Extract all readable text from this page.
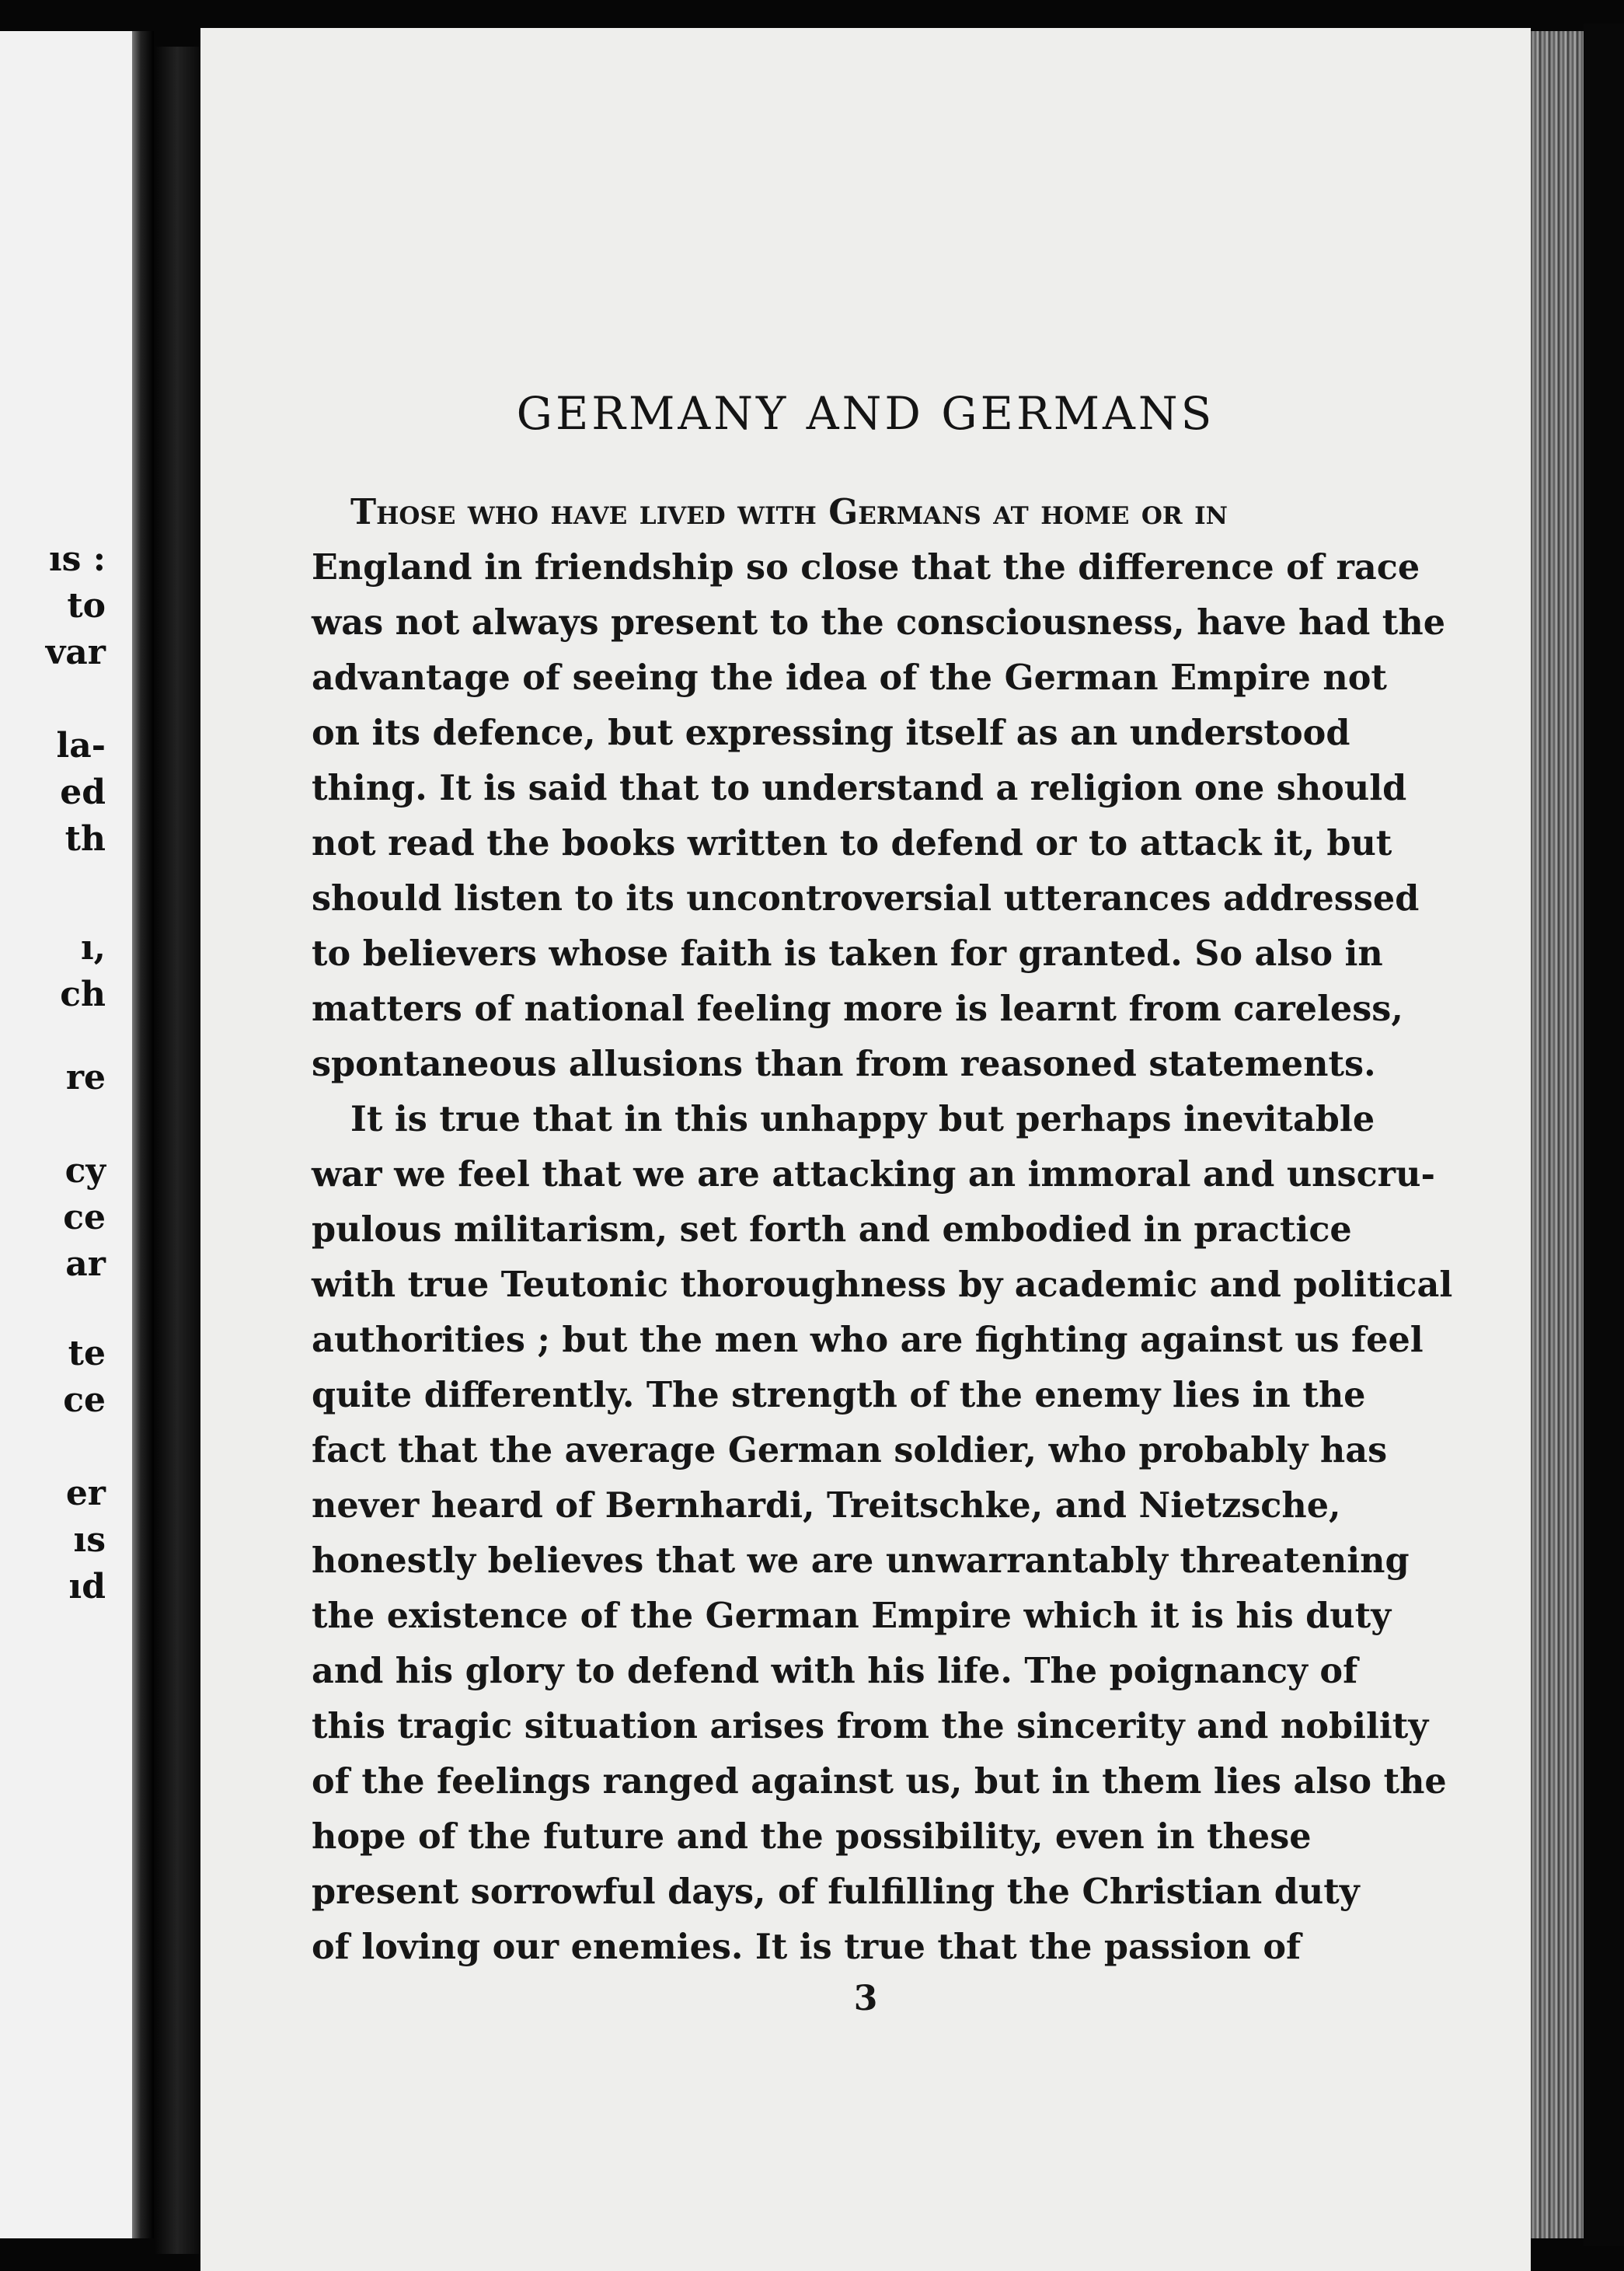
ıs :

to

var

la-

ed

th

ı,

ch

re

cy

ce

ar

te

ce

er

ıs

ıd

GERMANY AND GERMANS

Those who have lived with Germans at home or in
England in friendship so close that the difference of race
was not always present to the consciousness, have had the
advantage of seeing the idea of the German Empire not
on its defence, but expressing itself as an understood
thing. It is said that to understand a religion one should
not read the books written to defend or to attack it, but
should listen to its uncontroversial utterances addressed
to believers whose faith is taken for granted. So also in
matters of national feeling more is learnt from careless,
spontaneous allusions than from reasoned statements.

It is true that in this unhappy but perhaps inevitable
war we feel that we are attacking an immoral and unscru-
pulous militarism, set forth and embodied in practice
with true Teutonic thoroughness by academic and political
authorities ; but the men who are fighting against us feel
quite differently. The strength of the enemy lies in the
fact that the average German soldier, who probably has
never heard of Bernhardi, Treitschke, and Nietzsche,
honestly believes that we are unwarrantably threatening
the existence of the German Empire which it is his duty
and his glory to defend with his life. The poignancy of
this tragic situation arises from the sincerity and nobility
of the feelings ranged against us, but in them lies also the
hope of the future and the possibility, even in these
present sorrowful days, of fulfilling the Christian duty
of loving our enemies. It is true that the passion of

3
